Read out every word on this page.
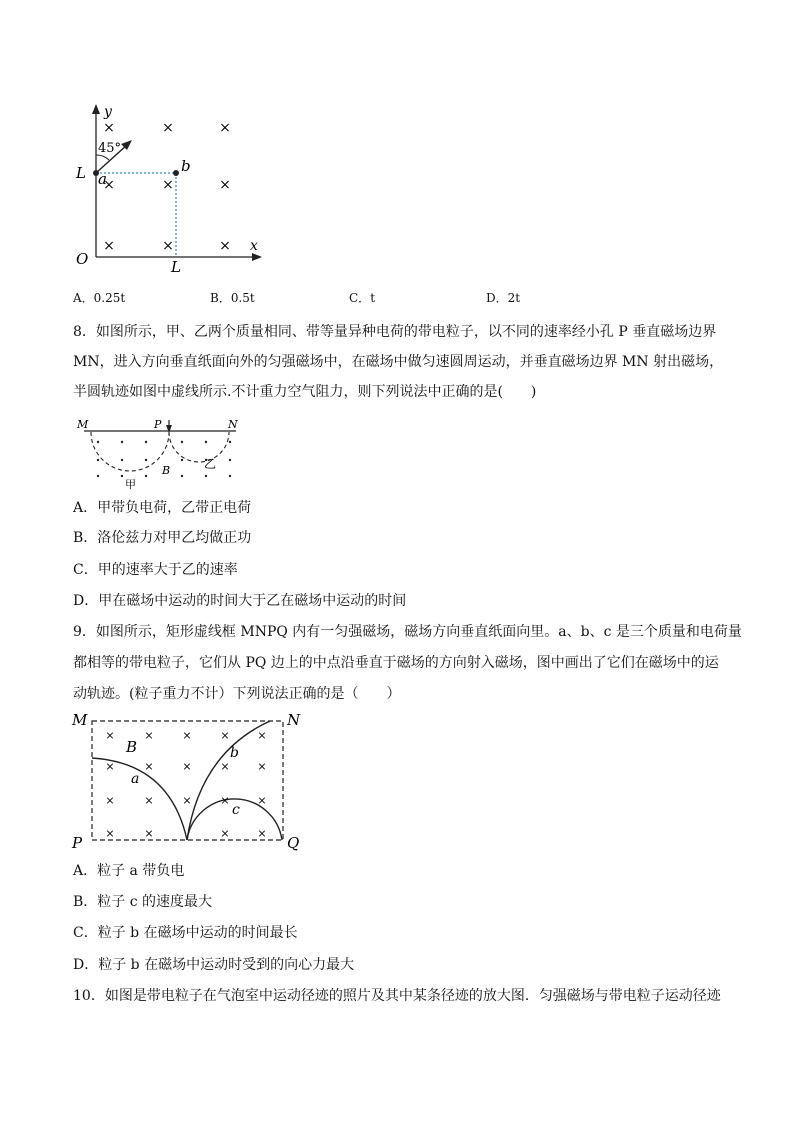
×	×	×
×	×	×
×	×	×
y
x
O
L
L
a
b
45°
A．0.25t	B．0.5t	C．t	D．2t
8．如图所示，甲、乙两个质量相同、带等量异种电荷的带电粒子，以不同的速率经小孔 P 垂直磁场边界
MN，进入方向垂直纸面向外的匀强磁场中，在磁场中做匀速圆周运动，并垂直磁场边界 MN 射出磁场，
半圆轨迹如图中虚线所示.不计重力空气阻力，则下列说法中正确的是(　　)
M	P	N
B
甲
乙
A．甲带负电荷，乙带正电荷
B．洛伦兹力对甲乙均做正功
C．甲的速率大于乙的速率
D．甲在磁场中运动的时间大于乙在磁场中运动的时间
9．如图所示，矩形虚线框 MNPQ 内有一匀强磁场，磁场方向垂直纸面向里。a、b、c 是三个质量和电荷量
都相等的带电粒子，它们从 PQ 边上的中点沿垂直于磁场的方向射入磁场，图中画出了它们在磁场中的运
动轨迹。(粒子重力不计）下列说法正确的是（　　）
×	×	×	×
×
×	×	×
×	×
×	×	×	×	×
×	×	×	×
M	N
P	Q
B
a
b
c
A．粒子 a 带负电
B．粒子 c 的速度最大
C．粒子 b 在磁场中运动的时间最长
D．粒子 b 在磁场中运动时受到的向心力最大
10．如图是带电粒子在气泡室中运动径迹的照片及其中某条径迹的放大图．匀强磁场与带电粒子运动径迹
